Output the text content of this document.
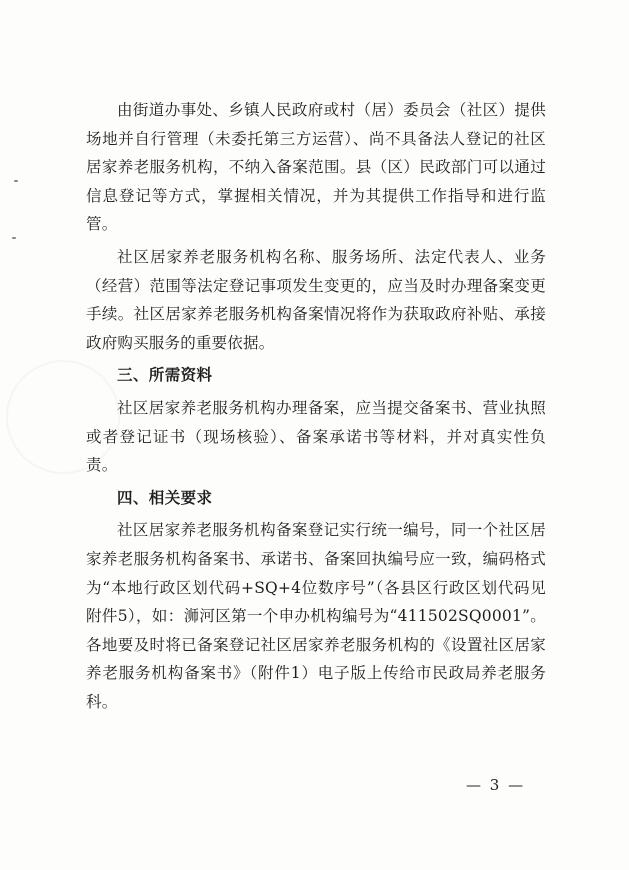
由街道办事处、乡镇人民政府或村（居）委员会（社区）提供场地并自行管理（未委托第三方运营）、尚不具备法人登记的社区居家养老服务机构，不纳入备案范围。县（区）民政部门可以通过信息登记等方式，掌握相关情况，并为其提供工作指导和进行监管。

社区居家养老服务机构名称、服务场所、法定代表人、业务（经营）范围等法定登记事项发生变更的，应当及时办理备案变更手续。社区居家养老服务机构备案情况将作为获取政府补贴、承接政府购买服务的重要依据。

三、所需资料

社区居家养老服务机构办理备案，应当提交备案书、营业执照或者登记证书（现场核验）、备案承诺书等材料，并对真实性负责。

四、相关要求

社区居家养老服务机构备案登记实行统一编号，同一个社区居家养老服务机构备案书、承诺书、备案回执编号应一致，编码格式为“本地行政区划代码+SQ+4位数序号”（各县区行政区划代码见附件5），如：浉河区第一个申办机构编号为“411502SQ0001”。各地要及时将已备案登记社区居家养老服务机构的《设置社区居家养老服务机构备案书》（附件1）电子版上传给市民政局养老服务科。

— 3 —
